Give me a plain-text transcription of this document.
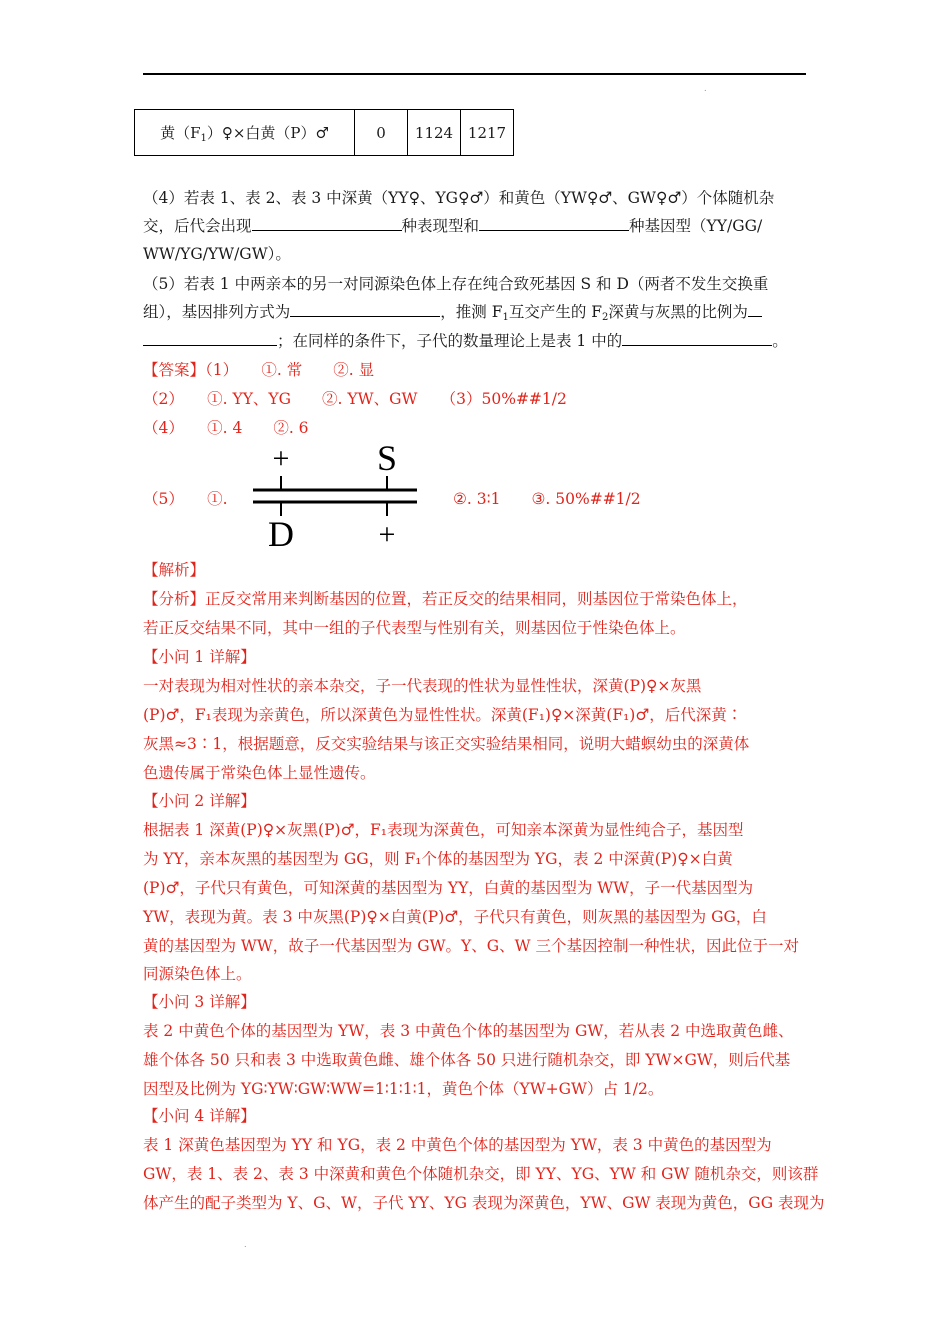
.
.
黄$(F_1)♀\times$白黄（P）♂	0	1124	1217
（4）若表 1、表 2、表 3 中深黄（YY♀、YG♀♂）和黄色（YW♀♂、GW♀♂）个体随机杂
交，后代会出现	种表现型和	种基因型（YY/GG/
WW/YG/YW/GW）。
（5）若表 1 中两亲本的另一对同源染色体上存在纯合致死基因 S 和 D（两者不发生交换重
组），基因排列方式为	，推测 $F_1$互交产生的 $F_2$深黄与灰黑的比例为
；在同样的条件下，子代的数量理论上是表 1 中的	。
【答案】（1）　　①. 常　　②. 显
（2）　　①. YY、YG　　②. YW、GW　　（3）50%##1/2
（4）　　①. 4　　②. 6
（5）　　①.
+ S
D	+
②. 3∶1　　③. 50%##1/2
【解析】
【分析】正反交常用来判断基因的位置，若正反交的结果相同，则基因位于常染色体上，
若正反交结果不同，其中一组的子代表型与性别有关，则基因位于性染色体上。
【小问 1 详解】
一对表现为相对性状的亲本杂交，子一代表现的性状为显性性状，深黄(P)♀×灰黑
(P)♂，F₁表现为亲黄色，所以深黄色为显性性状。深黄(F₁)♀×深黄(F₁)♂，后代深黄∶
灰黑≈3∶1，根据题意，反交实验结果与该正交实验结果相同，说明大蜡螟幼虫的深黄体
色遗传属于常染色体上显性遗传。
【小问 2 详解】
根据表 1 深黄(P)♀×灰黑(P)♂，F₁表现为深黄色，可知亲本深黄为显性纯合子，基因型
为 YY，亲本灰黑的基因型为 GG，则 F₁个体的基因型为 YG，表 2 中深黄(P)♀×白黄
(P)♂，子代只有黄色，可知深黄的基因型为 YY，白黄的基因型为 WW，子一代基因型为
YW，表现为黄。表 3 中灰黑(P)♀×白黄(P)♂，子代只有黄色，则灰黑的基因型为 GG，白
黄的基因型为 WW，故子一代基因型为 GW。Y、G、W 三个基因控制一种性状，因此位于一对
同源染色体上。
【小问 3 详解】
表 2 中黄色个体的基因型为 YW，表 3 中黄色个体的基因型为 GW，若从表 2 中选取黄色雌、
雄个体各 50 只和表 3 中选取黄色雌、雄个体各 50 只进行随机杂交，即 YW×GW，则后代基
因型及比例为 YG∶YW∶GW∶WW=1∶1∶1∶1，黄色个体（YW+GW）占 1/2。
【小问 4 详解】
表 1 深黄色基因型为 YY 和 YG，表 2 中黄色个体的基因型为 YW，表 3 中黄色的基因型为
GW，表 1、表 2、表 3 中深黄和黄色个体随机杂交，即 YY、YG、YW 和 GW 随机杂交，则该群
体产生的配子类型为 Y、G、W，子代 YY、YG 表现为深黄色，YW、GW 表现为黄色，GG 表现为
